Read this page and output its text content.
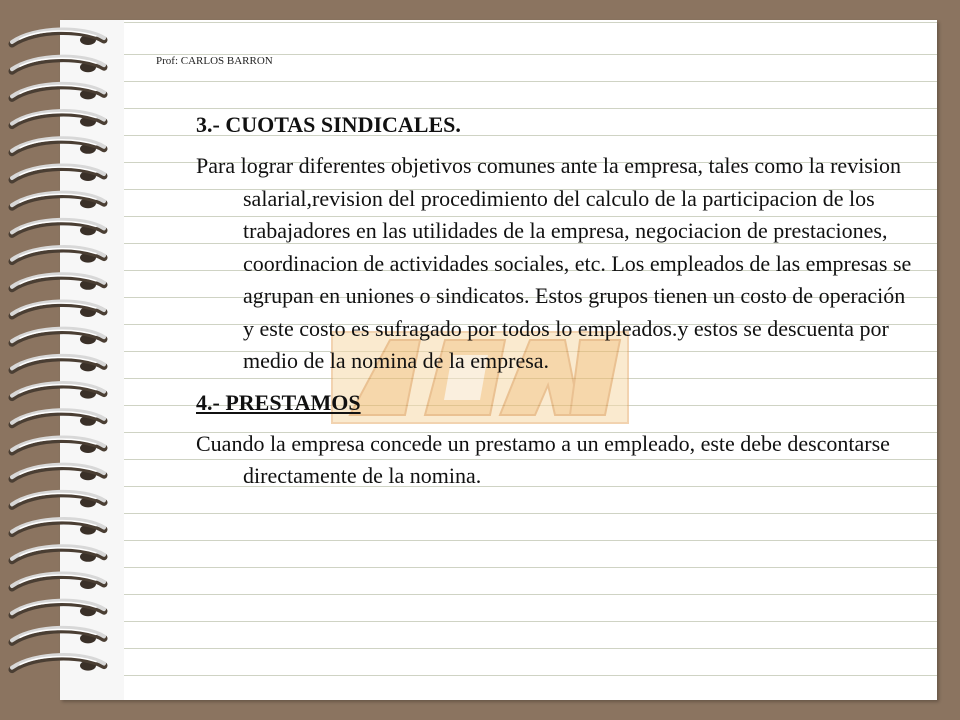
Prof: CARLOS BARRON
3.- CUOTAS SINDICALES.
Para lograr diferentes objetivos comunes ante la empresa, tales como la revision salarial,revision del procedimiento del calculo de la participacion de los trabajadores en las utilidades de la empresa, negociacion de prestaciones, coordinacion de actividades sociales, etc. Los empleados de las empresas se agrupan en uniones o sindicatos. Estos grupos tienen un costo de operación y este costo es sufragado por todos lo empleados.y estos se descuenta por medio de la nomina de la empresa.
4.- PRESTAMOS
Cuando la empresa concede un prestamo a un empleado, este debe descontarse directamente de la nomina.
